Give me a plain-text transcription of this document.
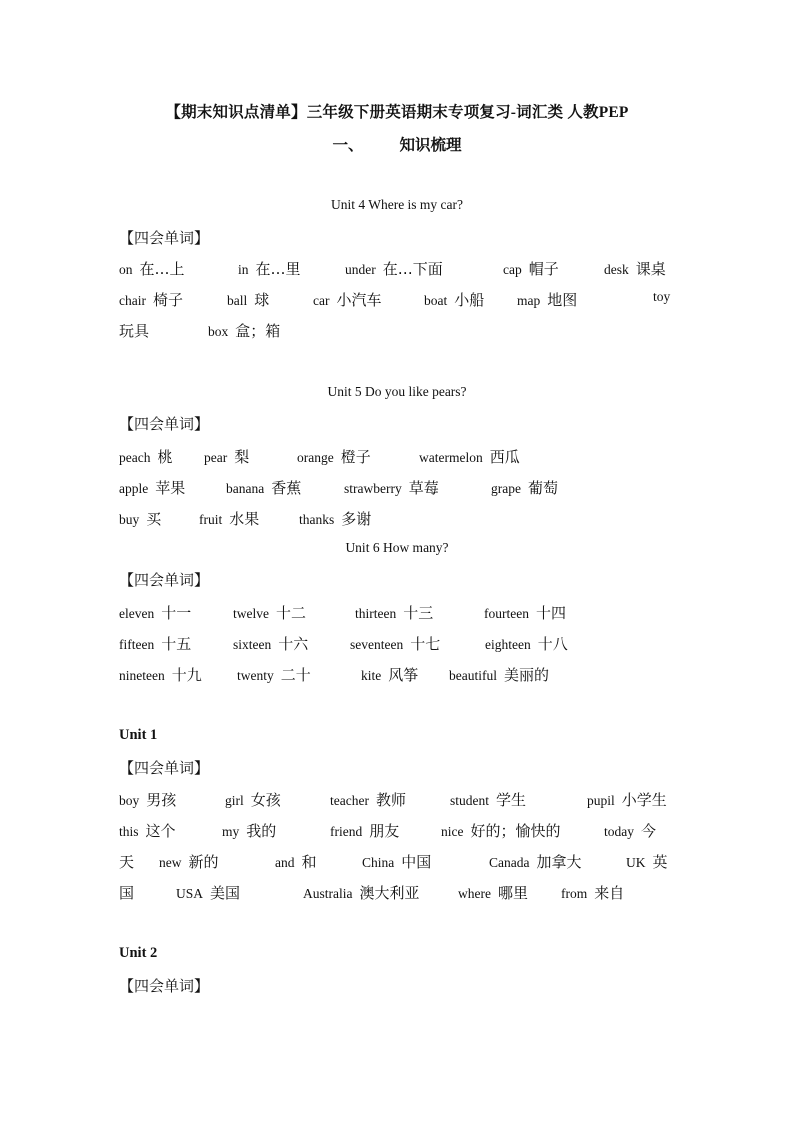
【期末知识点清单】三年级下册英语期末专项复习-词汇类 人教PEP
一、 知识梳理
Unit 4 Where is my car?
【四会单词】
on 在…上	in 在…里	under 在…下面	cap 帽子	desk 课桌
chair 椅子	ball 球	car 小汽车	boat 小船 map 地图	toy
玩具	box 盒；箱
Unit 5 Do you like pears?
【四会单词】
peach 桃 pear 梨	orange 橙子	watermelon 西瓜
apple 苹果	banana 香蕉	strawberry 草莓	grape 葡萄
buy 买	fruit 水果	thanks 多谢
Unit 6 How many?
【四会单词】
eleven 十一	twelve 十二	thirteen 十三	fourteen 十四
fifteen 十五	sixteen 十六	seventeen 十七	eighteen 十八
nineteen 十九	twenty 二十	kite 风筝 beautiful 美丽的
Unit 1
【四会单词】
boy 男孩	girl 女孩	teacher 教师	student 学生	pupil 小学生
this 这个	my 我的	friend 朋友	nice 好的；愉快的	today 今
天 new 新的	and 和	China 中国	Canada 加拿大	UK 英
国	USA 美国	Australia 澳大利亚	where 哪里 from 来自
Unit 2
【四会单词】
